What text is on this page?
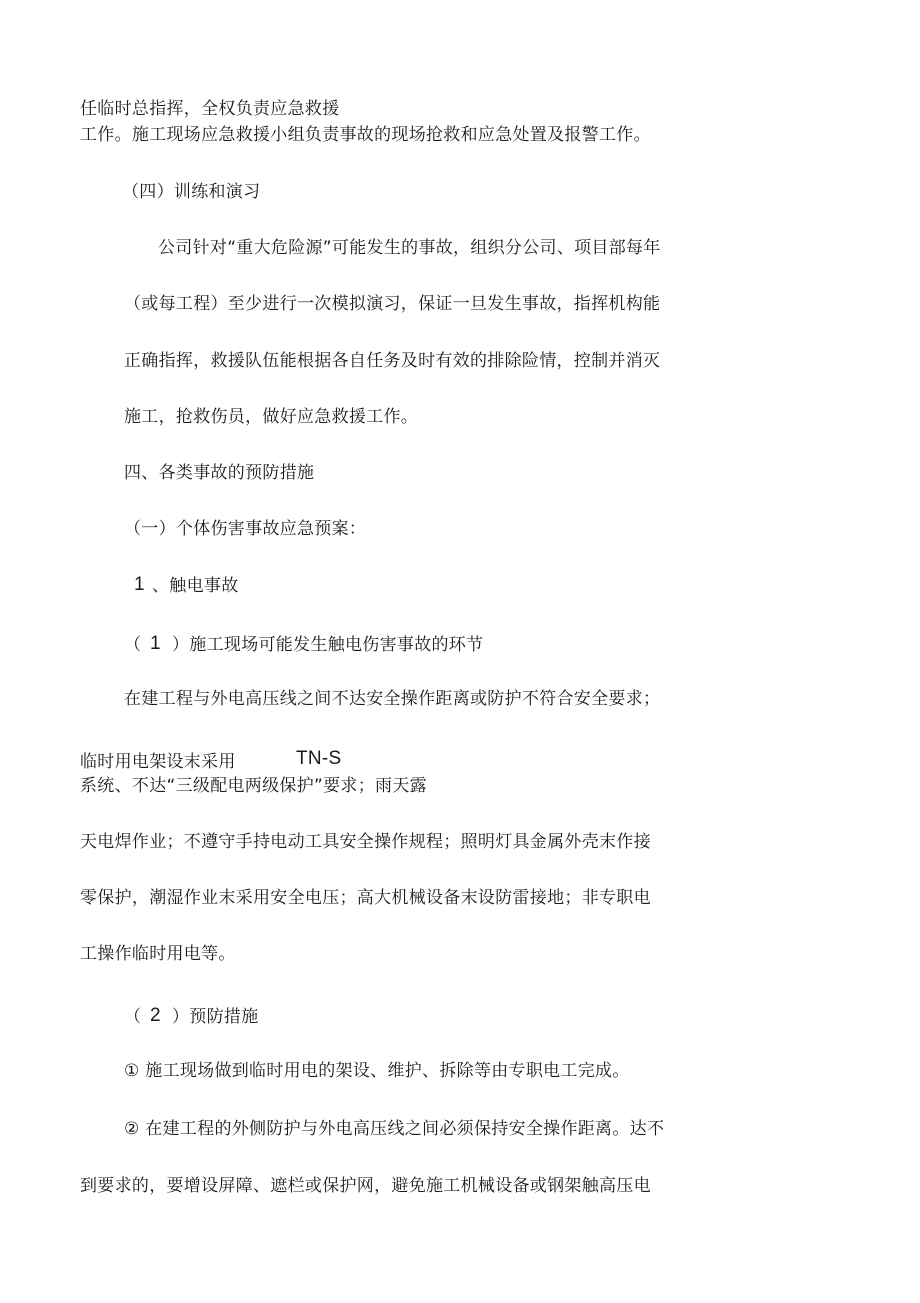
任临时总指挥，全权负责应急救援
工作。施工现场应急救援小组负责事故的现场抢救和应急处置及报警工作。
（四）训练和演习
公司针对“重大危险源”可能发生的事故，组织分公司、项目部每年
（或每工程）至少进行一次模拟演习，保证一旦发生事故，指挥机构能
正确指挥，救援队伍能根据各自任务及时有效的排除险情，控制并消灭
施工，抢救伤员，做好应急救援工作。
四、各类事故的预防措施
（一）个体伤害事故应急预案：
1 、触电事故
（ 1 ）施工现场可能发生触电伤害事故的环节
在建工程与外电高压线之间不达安全操作距离或防护不符合安全要求；
临时用电架设末采用	TN-S
系统、不达“三级配电两级保护”要求；雨天露
天电焊作业；不遵守手持电动工具安全操作规程；照明灯具金属外壳末作接
零保护，潮湿作业末采用安全电压；高大机械设备末设防雷接地；非专职电
工操作临时用电等。
（ 2 ）预防措施
① 施工现场做到临时用电的架设、维护、拆除等由专职电工完成。
② 在建工程的外侧防护与外电高压线之间必须保持安全操作距离。达不
到要求的，要增设屏障、遮栏或保护网，避免施工机械设备或钢架触高压电
